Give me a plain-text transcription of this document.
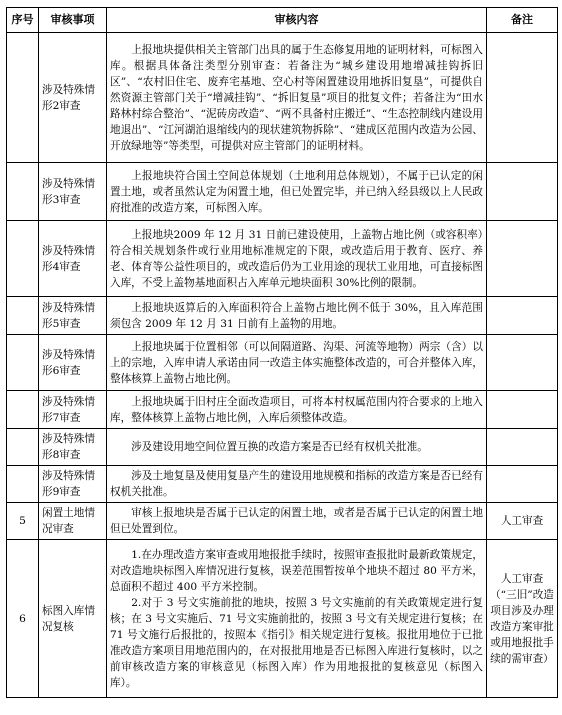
序号	审核事项	审核内容	备注
	涉及特殊情形2审查	上报地块提供相关主管部门出具的属于生态修复用地的证明材料，可标图入库。根据具体备注类型分别审查：若备注为“城乡建设用地增减挂钩拆旧区”、“农村旧住宅、废弃宅基地、空心村等闲置建设用地拆旧复垦”，可提供自然资源主管部门关于“增减挂钩”、“拆旧复垦”项目的批复文件；若备注为“田水路林村综合整治”、“泥砖房改造”、“两不具备村庄搬迁”、“生态控制线内建设用地退出”、“江河湖泊退缩线内的现状建筑物拆除”、“建成区范围内改造为公园、开放绿地等”等类型，可提供对应主管部门的证明材料。	
	涉及特殊情形3审查	上报地块符合国土空间总体规划（土地利用总体规划），不属于已认定的闲置土地，或者虽然认定为闲置土地，但已处置完毕，并已纳入经县级以上人民政府批准的改造方案，可标图入库。	
	涉及特殊情形4审查	上报地块2009 年 12 月 31 日前已建设使用，上盖物占地比例（或容积率）符合相关规划条件或行业用地标准规定的下限，或改造后用于教育、医疗、养老、体育等公益性项目的，或改造后仍为工业用途的现状工业用地，可直接标图入库，不受上盖物基地面积占入库单元地块面积 30%比例的限制。	
	涉及特殊情形5审查	上报地块返算后的入库面积符合上盖物占地比例不低于 30%，且入库范围须包含 2009 年 12 月 31 日前有上盖物的用地。	
	涉及特殊情形6审查	上报地块属于位置相邻（可以间隔道路、沟渠、河流等地物）两宗（含）以上的宗地，入库申请人承诺由同一改造主体实施整体改造的，可合并整体入库，整体核算上盖物占地比例。	
	涉及特殊情形7审查	上报地块属于旧村庄全面改造项目，可将本村权属范围内符合要求的上地入库，整体核算上盖物占地比例，入库后须整体改造。	
	涉及特殊情形8审查	涉及建设用地空间位置互换的改造方案是否已经有权机关批准。	
	涉及特殊情形9审查	涉及土地复垦及使用复垦产生的建设用地规模和指标的改造方案是否已经有权机关批准。	
5	闲置土地情况审查	审核上报地块是否属于已认定的闲置土地，或者是否属于已认定的闲置土地但已处置到位。	人工审查
6	标图入库情况复核	1.在办理改造方案审查或用地报批手续时，按照审查报批时最新政策规定，对改造地块标图入库情况进行复核，误差范围暂按单个地块不超过 80 平方米，总面积不超过 400 平方米控制。

2.对于 3 号文实施前批的地块，按照 3 号文实施前的有关政策规定进行复核；在 3 号文实施后、71 号文实施前批的，按照 3 号文有关规定进行复核；在 71 号文施行后报批的，按照本《指引》相关规定进行复核。报批用地位于已批准改造方案项目用地范围内的，在对报批用地是否已标图入库进行复核时，以之前审核改造方案的审核意见（标图入库）作为用地报批的复核意见（标图入库）。	人工审查（“三旧”改造项目涉及办理改造方案审批或用地报批手续的需审查）
